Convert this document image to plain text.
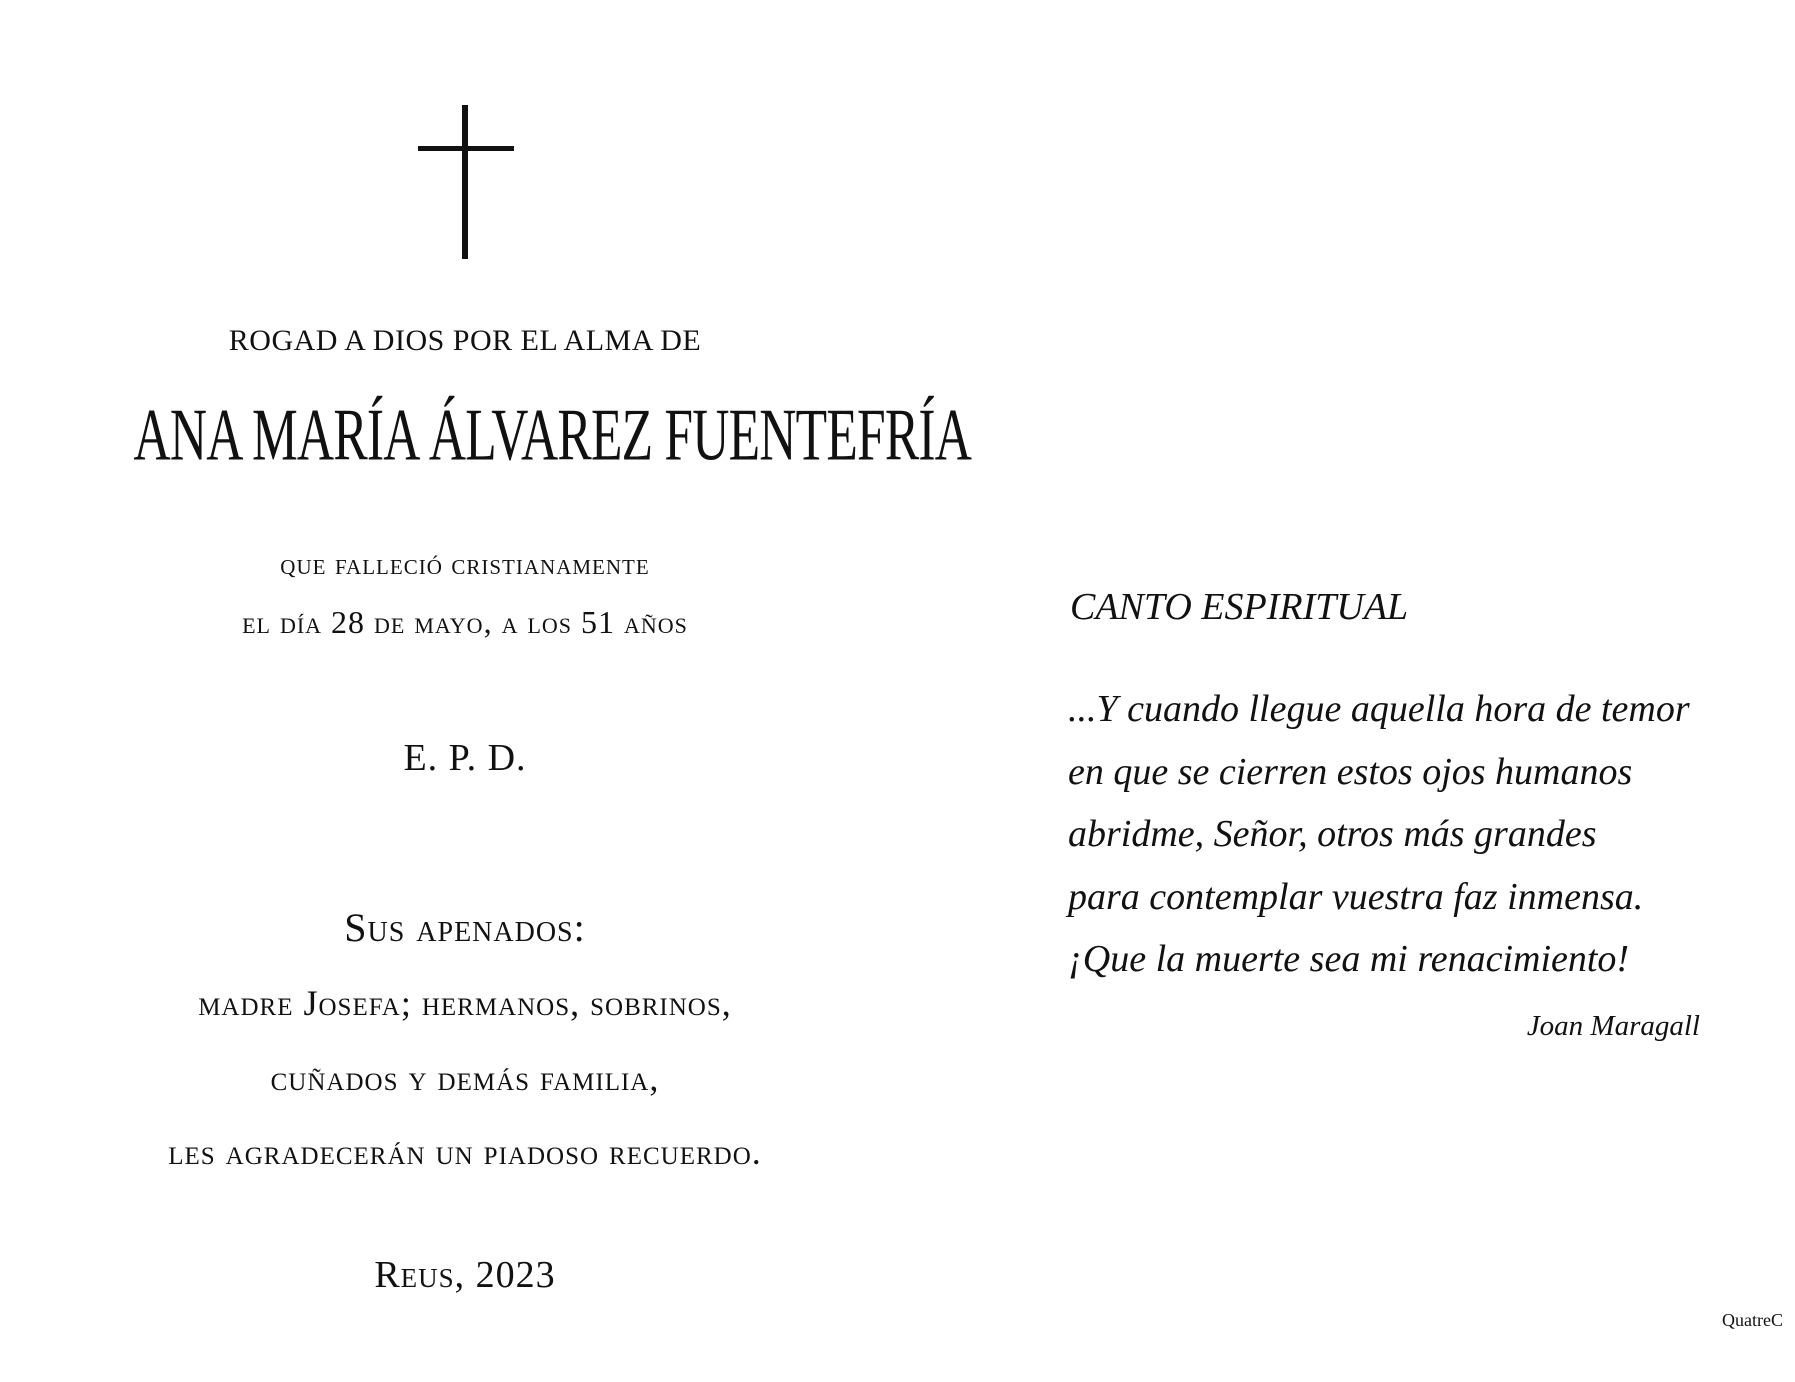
ROGAD A DIOS POR EL ALMA DE
ANA MARÍA ÁLVAREZ FUENTEFRÍA
que falleció cristianamente
el día 28 de mayo, a los 51 años
E. P. D.
Sus apenados:
madre Josefa; hermanos, sobrinos,
cuñados y demás familia,
les agradecerán un piadoso recuerdo.
Reus, 2023
CANTO ESPIRITUAL
...Y cuando llegue aquella hora de temor
en que se cierren estos ojos humanos
abridme, Señor, otros más grandes
para contemplar vuestra faz inmensa.
¡Que la muerte sea mi renacimiento!
Joan Maragall
QuatreC
